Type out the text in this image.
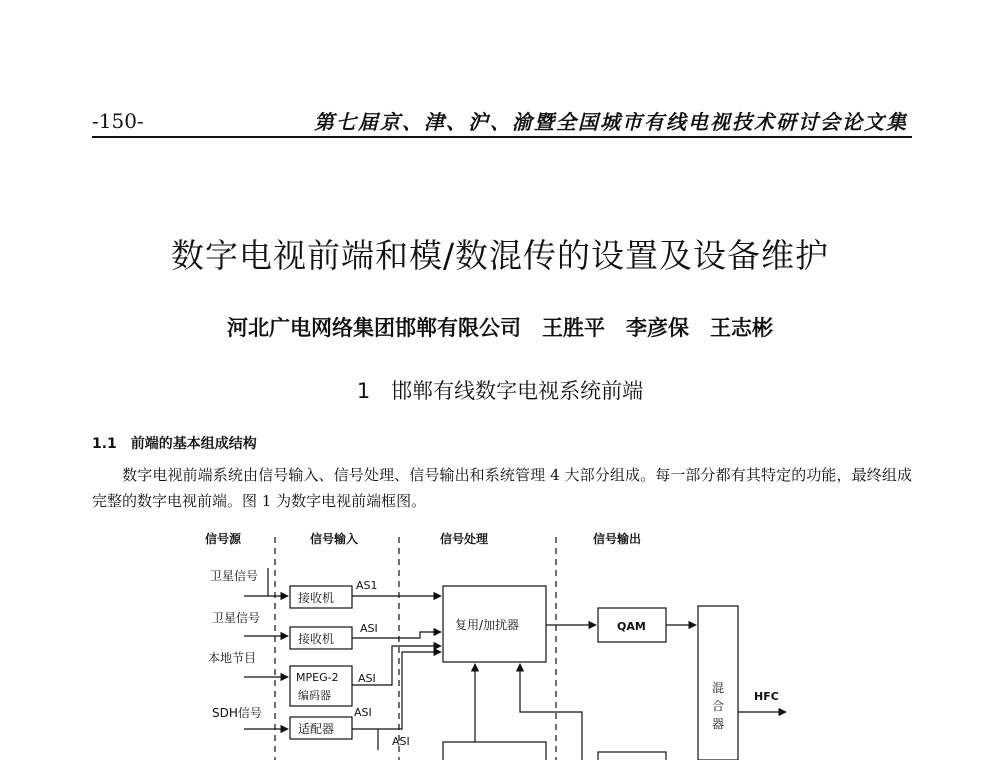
-150-	第七届京、津、沪、渝暨全国城市有线电视技术研讨会论文集
数字电视前端和模/数混传的设置及设备维护
河北广电网络集团邯郸有限公司　王胜平　李彦保　王志彬
1　邯郸有线数字电视系统前端
1.1　前端的基本组成结构
数字电视前端系统由信号输入、信号处理、信号输出和系统管理 4 大部分组成。每一部分都有其特定的功能，最终组成完整的数字电视前端。图 1 为数字电视前端框图。
信号源	信号输入	信号处理	信号输出
卫星信号
卫星信号
本地节目
SDH信号
接收机
接收机
MPEG-2
编码器
适配器
AS1
ASI
ASI
ASI
ASI
复用/加扰器	QAM
混
合
器
HFC
